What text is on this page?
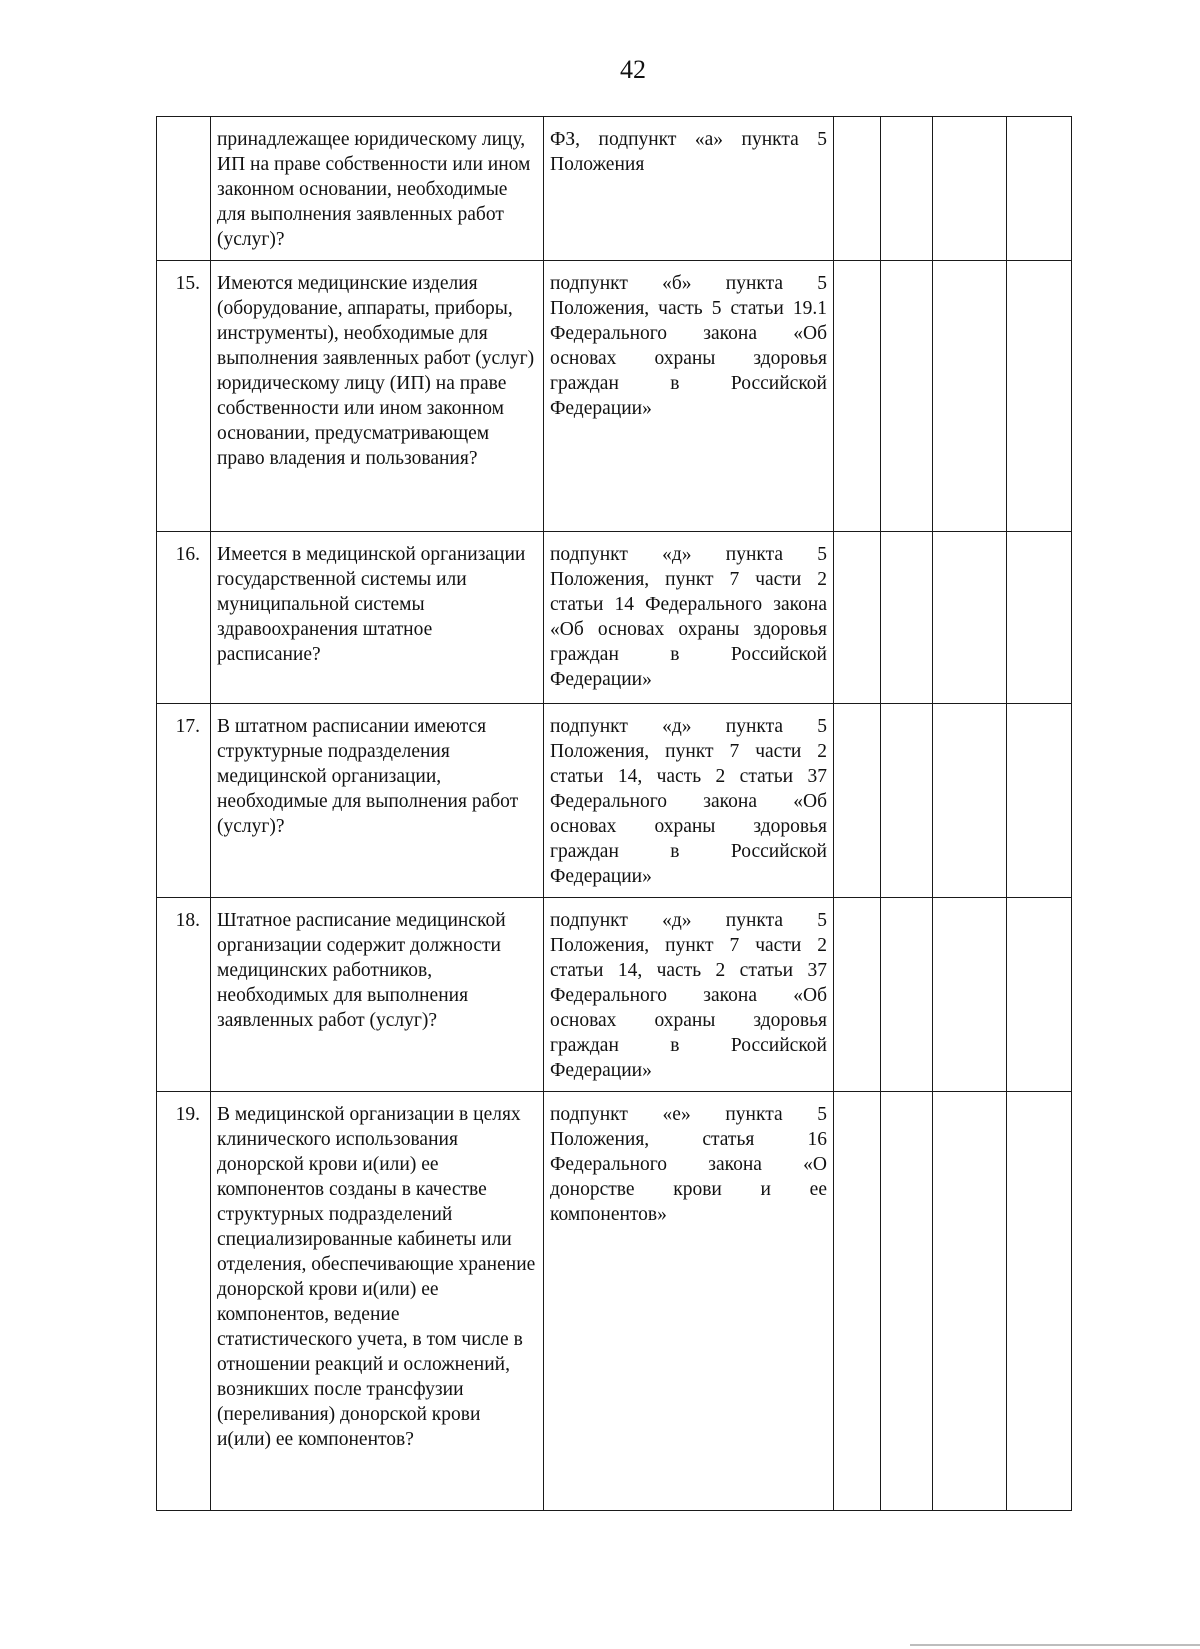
42
	принадлежащее юридическому лицу, ИП на праве собственности или ином законном основании, необходимые для выполнения заявленных работ (услуг)?	ФЗ, подпункт «а» пункта 5 Положения				
15.	Имеются медицинские изделия (оборудование, аппараты, приборы, инструменты), необходимые для выполнения заявленных работ (услуг) юридическому лицу (ИП) на праве собственности или ином законном основании, предусматривающем право владения и пользования?	подпункт «б» пункта 5 Положения, часть 5 статьи 19.1 Федерального закона «Об основах охраны здоровья граждан в Российской Федерации»				
16.	Имеется в медицинской организации государственной системы или муниципальной системы здравоохранения штатное расписание?	подпункт «д» пункта 5 Положения, пункт 7 части 2 статьи 14 Федерального закона «Об основах охраны здоровья граждан в Российской Федерации»				
17.	В штатном расписании имеются структурные подразделения медицинской организации, необходимые для выполнения работ (услуг)?	подпункт «д» пункта 5 Положения, пункт 7 части 2 статьи 14, часть 2 статьи 37 Федерального закона «Об основах охраны здоровья граждан в Российской Федерации»				
18.	Штатное расписание медицинской организации содержит должности медицинских работников, необходимых для выполнения заявленных работ (услуг)?	подпункт «д» пункта 5 Положения, пункт 7 части 2 статьи 14, часть 2 статьи 37 Федерального закона «Об основах охраны здоровья граждан в Российской Федерации»				
19.	В медицинской организации в целях клинического использования донорской крови и(или) ее компонентов созданы в качестве структурных подразделений специализированные кабинеты или отделения, обеспечивающие хранение донорской крови и(или) ее компонентов, ведение статистического учета, в том числе в отношении реакций и осложнений, возникших после трансфузии (переливания) донорской крови и(или) ее компонентов?	подпункт «е» пункта 5 Положения, статья 16 Федерального закона «О донорстве крови и ее компонентов»				
